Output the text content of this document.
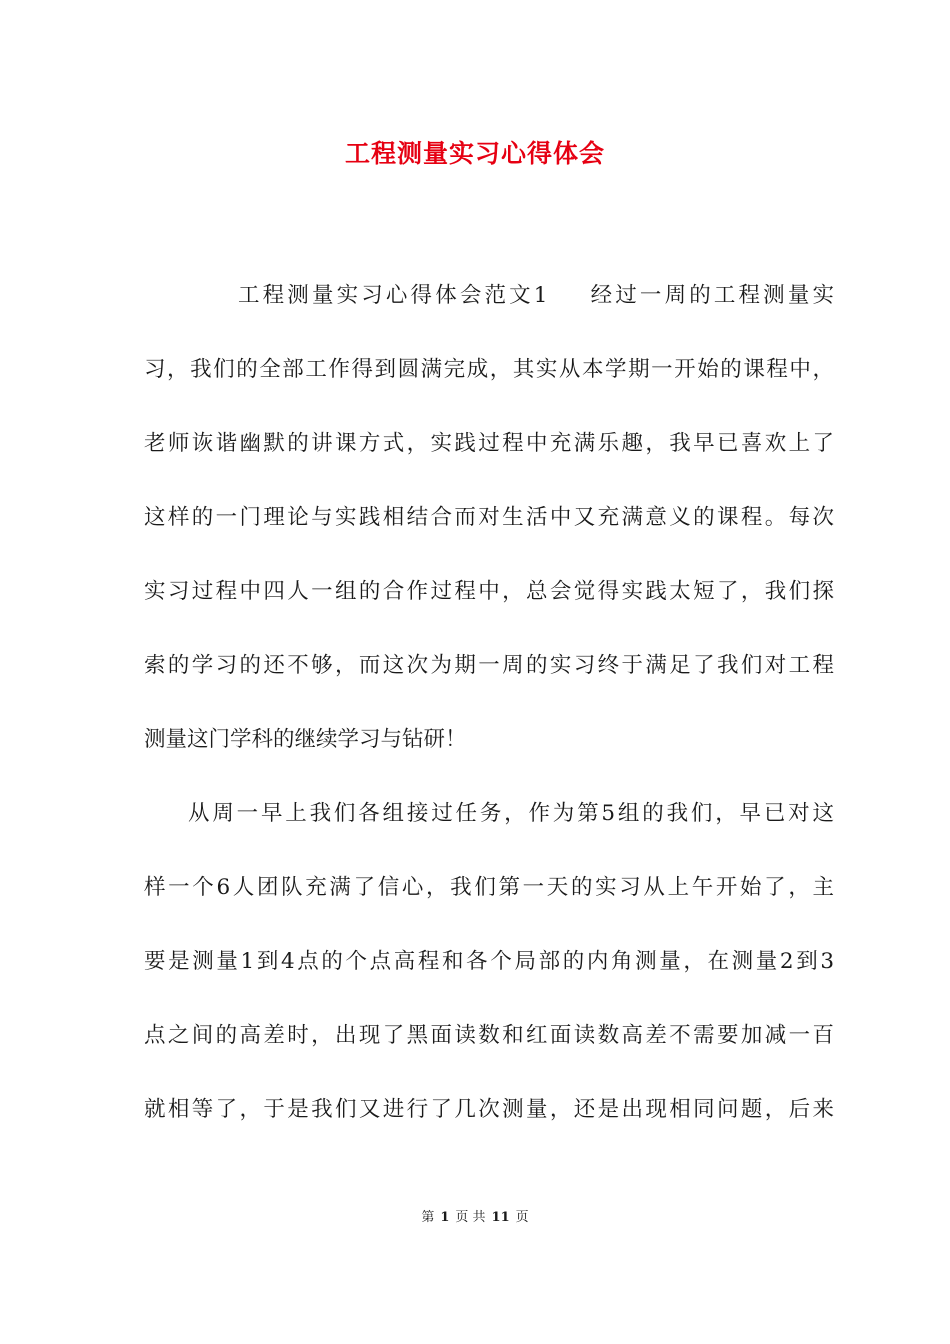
工程测量实习心得体会
工程测量实习心得体会范文1 经过一周的工程测量实
习，我们的全部工作得到圆满完成，其实从本学期一开始的课程中，
老师诙谐幽默的讲课方式，实践过程中充满乐趣，我早已喜欢上了
这样的一门理论与实践相结合而对生活中又充满意义的课程。每次
实习过程中四人一组的合作过程中，总会觉得实践太短了，我们探
索的学习的还不够，而这次为期一周的实习终于满足了我们对工程
测量这门学科的继续学习与钻研！
从周一早上我们各组接过任务，作为第5组的我们，早已对这
样一个6人团队充满了信心，我们第一天的实习从上午开始了，主
要是测量1到4点的个点高程和各个局部的内角测量，在测量2到3
点之间的高差时，出现了黑面读数和红面读数高差不需要加减一百
就相等了，于是我们又进行了几次测量，还是出现相同问题，后来
第 1 页 共 11 页
